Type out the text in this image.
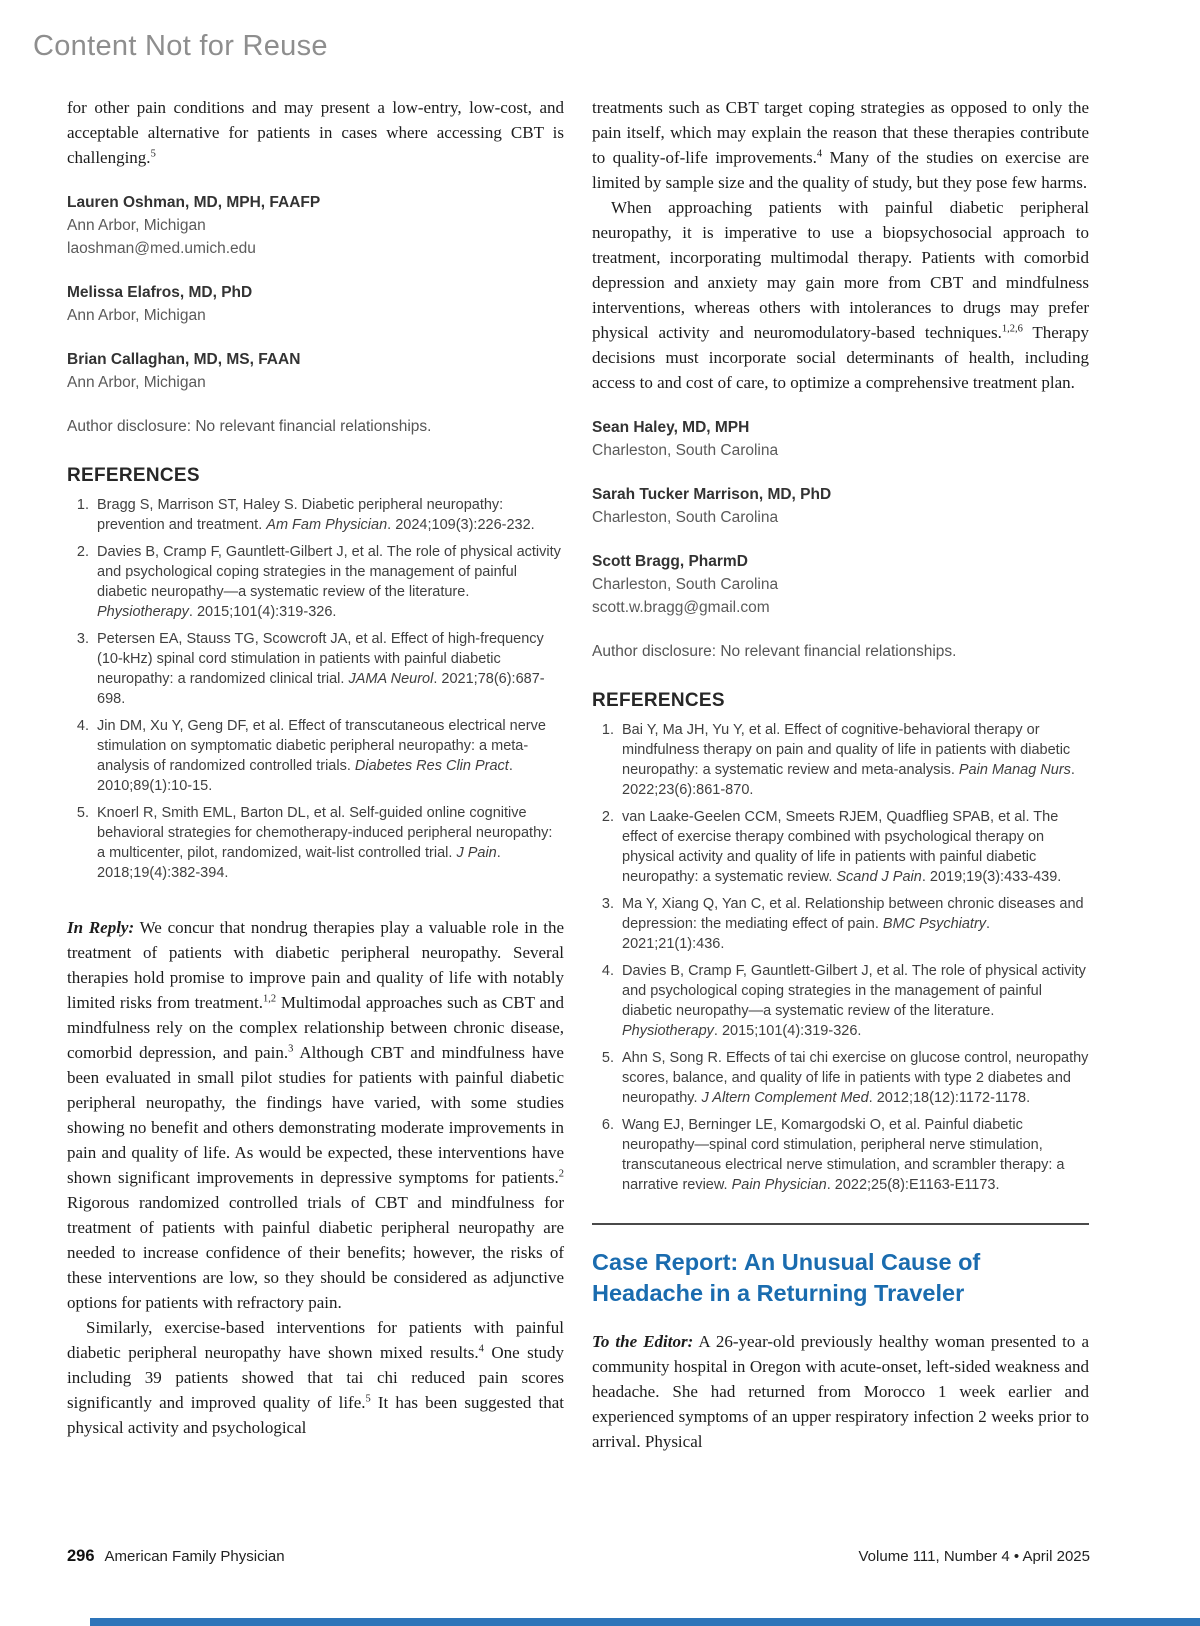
Content Not for Reuse

for other pain conditions and may present a low-entry, low-cost, and acceptable alternative for patients in cases where accessing CBT is challenging.$^5$

Lauren Oshman, MD, MPH, FAAFP
Ann Arbor, Michigan
laoshman@med.umich.edu
Melissa Elafros, MD, PhD
Ann Arbor, Michigan
Brian Callaghan, MD, MS, FAAN
Ann Arbor, Michigan
Author disclosure: No relevant financial relationships.
REFERENCES
1. Bragg S, Marrison ST, Haley S. Diabetic peripheral neuropathy: prevention and treatment. Am Fam Physician. 2024;109(3):226-232.
2. Davies B, Cramp F, Gauntlett-Gilbert J, et al. The role of physical activity and psychological coping strategies in the management of painful diabetic neuropathy—a systematic review of the literature. Physiotherapy. 2015;101(4):319-326.
3. Petersen EA, Stauss TG, Scowcroft JA, et al. Effect of high-frequency (10-kHz) spinal cord stimulation in patients with painful diabetic neuropathy: a randomized clinical trial. JAMA Neurol. 2021;78(6):687-698.
4. Jin DM, Xu Y, Geng DF, et al. Effect of transcutaneous electrical nerve stimulation on symptomatic diabetic peripheral neuropathy: a meta-analysis of randomized controlled trials. Diabetes Res Clin Pract. 2010;89(1):10-15.
5. Knoerl R, Smith EML, Barton DL, et al. Self-guided online cognitive behavioral strategies for chemotherapy-induced peripheral neuropathy: a multicenter, pilot, randomized, wait-list controlled trial. J Pain. 2018;19(4):382-394.

In Reply: We concur that nondrug therapies play a valuable role in the treatment of patients with diabetic peripheral neuropathy. Several therapies hold promise to improve pain and quality of life with notably limited risks from treatment.$^{1,2}$ Multimodal approaches such as CBT and mindfulness rely on the complex relationship between chronic disease, comorbid depression, and pain.$^3$ Although CBT and mindfulness have been evaluated in small pilot studies for patients with painful diabetic peripheral neuropathy, the findings have varied, with some studies showing no benefit and others demonstrating moderate improvements in pain and quality of life. As would be expected, these interventions have shown significant improvements in depressive symptoms for patients.$^2$ Rigorous randomized controlled trials of CBT and mindfulness for treatment of patients with painful diabetic peripheral neuropathy are needed to increase confidence of their benefits; however, the risks of these interventions are low, so they should be considered as adjunctive options for patients with refractory pain.

Similarly, exercise-based interventions for patients with painful diabetic peripheral neuropathy have shown mixed results.$^4$ One study including 39 patients showed that tai chi reduced pain scores significantly and improved quality of life.$^5$ It has been suggested that physical activity and psychological

treatments such as CBT target coping strategies as opposed to only the pain itself, which may explain the reason that these therapies contribute to quality-of-life improvements.$^4$ Many of the studies on exercise are limited by sample size and the quality of study, but they pose few harms.

When approaching patients with painful diabetic peripheral neuropathy, it is imperative to use a biopsychosocial approach to treatment, incorporating multimodal therapy. Patients with comorbid depression and anxiety may gain more from CBT and mindfulness interventions, whereas others with intolerances to drugs may prefer physical activity and neuromodulatory-based techniques.$^{1,2,6}$ Therapy decisions must incorporate social determinants of health, including access to and cost of care, to optimize a comprehensive treatment plan.

Sean Haley, MD, MPH
Charleston, South Carolina
Sarah Tucker Marrison, MD, PhD
Charleston, South Carolina
Scott Bragg, PharmD
Charleston, South Carolina
scott.w.bragg@gmail.com
Author disclosure: No relevant financial relationships.
REFERENCES
1. Bai Y, Ma JH, Yu Y, et al. Effect of cognitive-behavioral therapy or mindfulness therapy on pain and quality of life in patients with diabetic neuropathy: a systematic review and meta-analysis. Pain Manag Nurs. 2022;23(6):861-870.
2. van Laake-Geelen CCM, Smeets RJEM, Quadflieg SPAB, et al. The effect of exercise therapy combined with psychological therapy on physical activity and quality of life in patients with painful diabetic neuropathy: a systematic review. Scand J Pain. 2019;19(3):433-439.
3. Ma Y, Xiang Q, Yan C, et al. Relationship between chronic diseases and depression: the mediating effect of pain. BMC Psychiatry. 2021;21(1):436.
4. Davies B, Cramp F, Gauntlett-Gilbert J, et al. The role of physical activity and psychological coping strategies in the management of painful diabetic neuropathy—a systematic review of the literature. Physiotherapy. 2015;101(4):319-326.
5. Ahn S, Song R. Effects of tai chi exercise on glucose control, neuropathy scores, balance, and quality of life in patients with type 2 diabetes and neuropathy. J Altern Complement Med. 2012;18(12):1172-1178.
6. Wang EJ, Berninger LE, Komargodski O, et al. Painful diabetic neuropathy—spinal cord stimulation, peripheral nerve stimulation, transcutaneous electrical nerve stimulation, and scrambler therapy: a narrative review. Pain Physician. 2022;25(8):E1163-E1173.
Case Report: An Unusual Cause of Headache in a Returning Traveler

To the Editor: A 26-year-old previously healthy woman presented to a community hospital in Oregon with acute-onset, left-sided weakness and headache. She had returned from Morocco 1 week earlier and experienced symptoms of an upper respiratory infection 2 weeks prior to arrival. Physical

296 American Family Physician	Volume 111, Number 4 • April 2025
